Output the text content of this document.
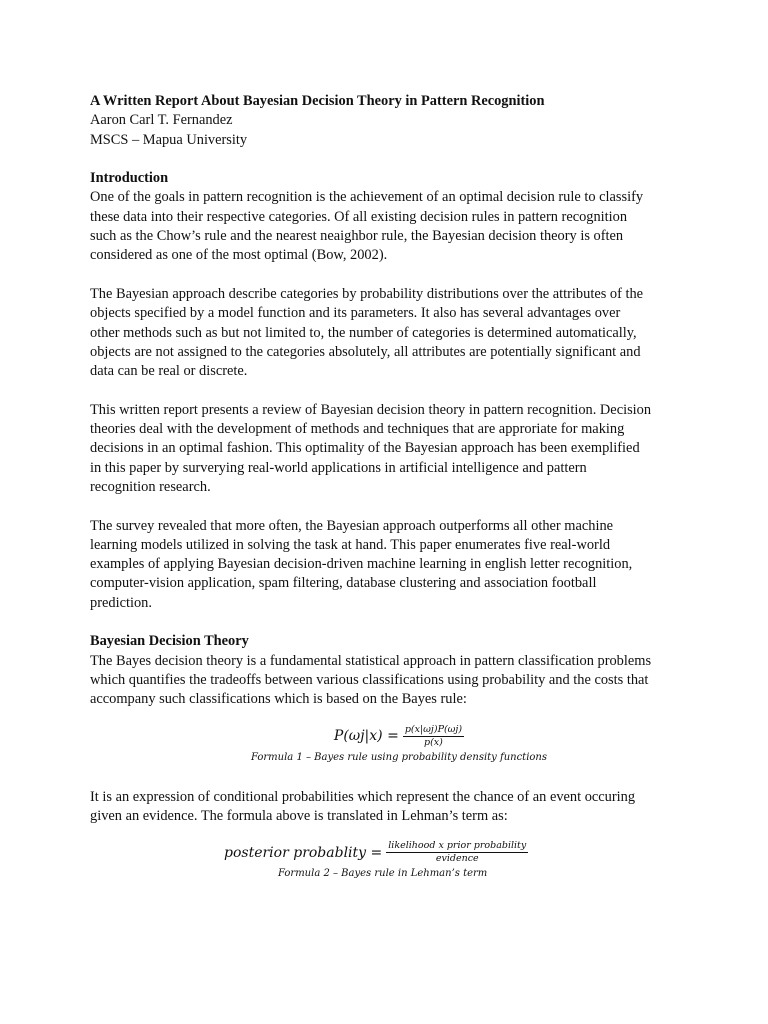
A Written Report About Bayesian Decision Theory in Pattern Recognition

Aaron Carl T. Fernandez

MSCS – Mapua University

Introduction

One of the goals in pattern recognition is the achievement of an optimal decision rule to classify

these data into their respective categories. Of all existing decision rules in pattern recognition

such as the Chow’s rule and the nearest neaighbor rule, the Bayesian decision theory is often

considered as one of the most optimal (Bow, 2002).

The Bayesian approach describe categories by probability distributions over the attributes of the

objects specified by a model function and its parameters. It also has several advantages over

other methods such as but not limited to, the number of categories is determined automatically,

objects are not assigned to the categories absolutely, all attributes are potentially significant and

data can be real or discrete.

This written report presents a review of Bayesian decision theory in pattern recognition. Decision

theories deal with the development of methods and techniques that are approriate for making

decisions in an optimal fashion. This optimality of the Bayesian approach has been exemplified

in this paper by surverying real-world applications in artificial intelligence and pattern

recognition research.

The survey revealed that more often, the Bayesian approach outperforms all other machine

learning models utilized in solving the task at hand. This paper enumerates five real-world

examples of applying Bayesian decision-driven machine learning in english letter recognition,

computer-vision application, spam filtering, database clustering and association football

prediction.

Bayesian Decision Theory

The Bayes decision theory is a fundamental statistical approach in pattern classification problems

which quantifies the tradeoffs between various classifications using probability and the costs that

accompany such classifications which is based on the Bayes rule:

$P(\omega j|x) = \frac{p(x|\omega j)P(\omega j)}{p(x)}$

Formula 1 – Bayes rule using probability density functions

It is an expression of conditional probabilities which represent the chance of an event occuring

given an evidence. The formula above is translated in Lehman’s term as:

posterior probablity = $\frac{\text{likelihood x prior probability}}{\text{evidence}}$

Formula 2 – Bayes rule in Lehman’s term
